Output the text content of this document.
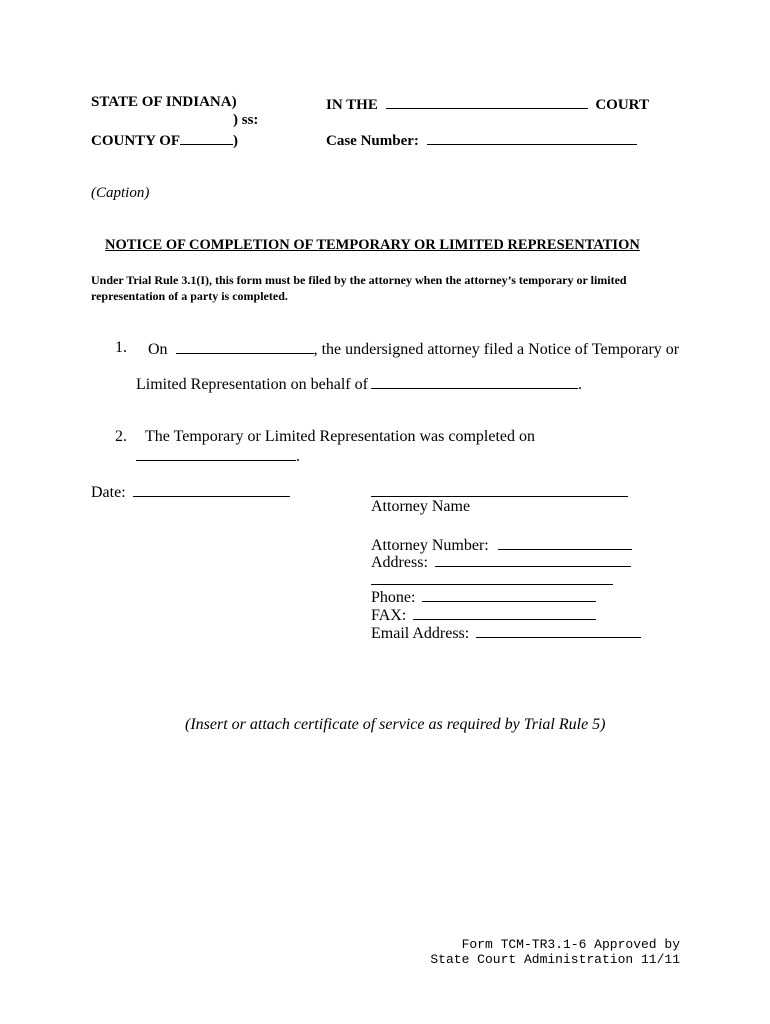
STATE OF INDIANA)
) ss:
COUNTY OF	)
IN THE	COURT
Case Number:
(Caption)
NOTICE OF COMPLETION OF TEMPORARY OR LIMITED REPRESENTATION
Under Trial Rule 3.1(I), this form must be filed by the attorney when the attorney’s temporary or limited
representation of a party is completed.
1. On	, the undersigned attorney filed a Notice of Temporary or
Limited Representation on behalf of	.
2. The Temporary or Limited Representation was completed on
.
Date:
Attorney Name
Attorney Number:
Address:
Phone:
FAX:
Email Address:
(Insert or attach certificate of service as required by Trial Rule 5)
Form TCM-TR3.1-6 Approved by
State Court Administration 11/11
